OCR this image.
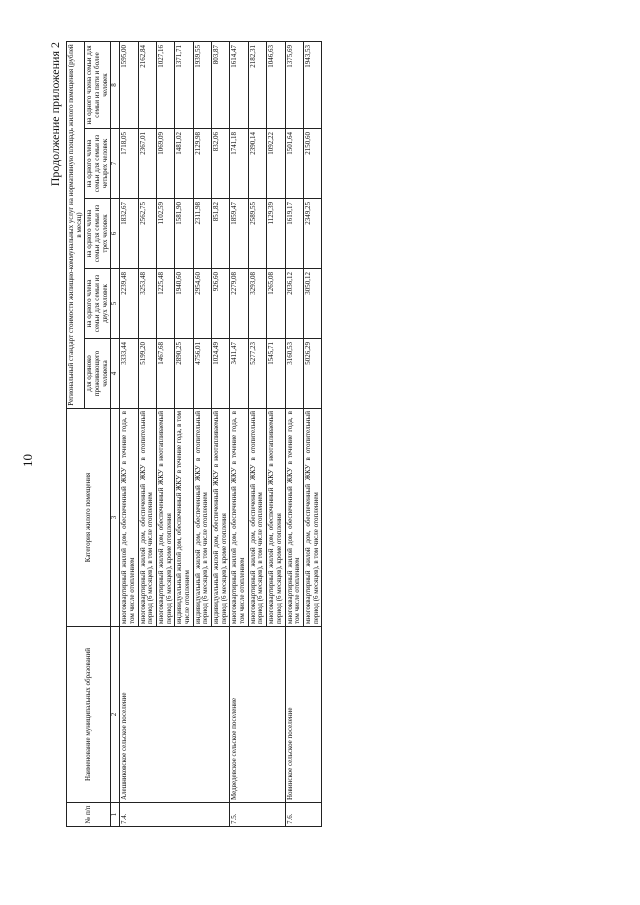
10
Продолжение приложения 2
№ п/п	Наименование муниципальных образований	Категория жилого помещения	Региональный стандарт стоимости жилищно-коммунальных услуг на нормативную площадь жилого помещения (рублей в месяц)				
			для одиноко проживающего человека	на одного члена семьи для семьи из двух человек	на одного члена семьи для семьи из трех человек	на одного члена семьи для семьи из четырех человек	на одного члена семьи для семьи из пяти и более человек
1	2	3	4	5	6	7	8
7.4.	Алешниковское сельское поселение	многоквартирный жилой дом, обеспеченный ЖКУ в течение года, в том числе отоплением	3333,44	2239,48	1832,67	1718,05	1595,00
		многоквартирный жилой дом, обеспеченный ЖКУ в отопительный период (6 месяцев), в том числе отоплением	5199,20	3253,48	2562,75	2367,01	2162,84
		многоквартирный жилой дом, обеспеченный ЖКУ в неотапливаемый период (6 месяцев), кроме отопления	1467,68	1225,48	1102,59	1069,09	1027,16
		индивидуальный жилой дом, обеспеченный ЖКУ в течение года, в том числе отоплением	2890,25	1940,60	1581,90	1481,02	1371,71
		индивидуальный жилой дом, обеспеченный ЖКУ в отопительный период (6 месяцев), в том числе отоплением	4756,01	2954,60	2311,98	2129,98	1939,55
		индивидуальный жилой дом, обеспеченный ЖКУ в неотапливаемый период (6 месяцев), кроме отопления	1024,49	926,60	851,82	832,06	803,87
7.5.	Медведевское сельское поселение	многоквартирный жилой дом, обеспеченный ЖКУ в течение года, в том числе отоплением	3411,47	2279,08	1859,47	1741,18	1614,47
		многоквартирный жилой дом, обеспеченный ЖКУ в отопительный период (6 месяцев), в том числе отоплением	5277,23	3293,08	2589,55	2390,14	2182,31
		многоквартирный жилой дом, обеспеченный ЖКУ в неотапливаемый период (6 месяцев), кроме отопления	1545,71	1265,08	1129,39	1092,22	1046,63
7.6.	Новинское сельское поселение	многоквартирный жилой дом, обеспеченный ЖКУ в течение года, в том числе отоплением	3160,53	2036,12	1619,17	1501,64	1375,69
		многоквартирный жилой дом, обеспеченный ЖКУ в отопительный период (6 месяцев), в том числе отоплением	5026,29	3050,12	2349,25	2150,60	1943,53
